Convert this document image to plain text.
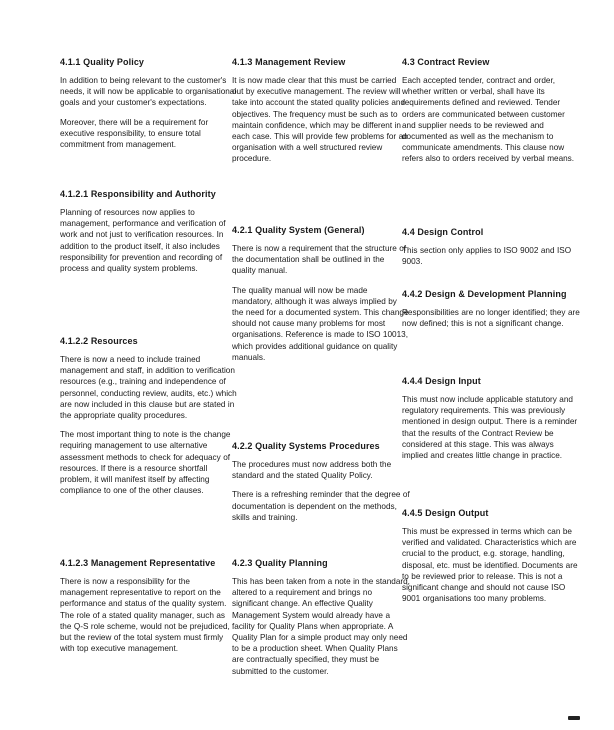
4.1.1 Quality Policy

In addition to being relevant to the customer's needs, it will now be applicable to organisational goals and your customer's expectations.

Moreover, there will be a requirement for executive responsibility, to ensure total commitment from management.

4.1.2.1 Responsibility and Authority

Planning of resources now applies to management, performance and verification of work and not just to verification resources. In addition to the product itself, it also includes responsibility for prevention and recording of process and quality system problems.

4.1.2.2 Resources

There is now a need to include trained management and staff, in addition to verification resources (e.g., training and independence of personnel, conducting review, audits, etc.) which are now included in this clause but are stated in the appropriate quality procedures.

The most important thing to note is the change requiring management to use alternative assessment methods to check for adequacy of resources. If there is a resource shortfall problem, it will manifest itself by affecting compliance to one of the other clauses.

4.1.2.3 Management Representative

There is now a responsibility for the management representative to report on the performance and status of the quality system. The role of a stated quality manager, such as the Q-S role scheme, would not be prejudiced, but the review of the total system must firmly with top executive management.

4.1.3 Management Review

It is now made clear that this must be carried out by executive management. The review will take into account the stated quality policies and objectives. The frequency must be such as to maintain confidence, which may be different in each case. This will provide few problems for an organisation with a well structured review procedure.

4.2.1 Quality System (General)

There is now a requirement that the structure of the documentation shall be outlined in the quality manual.

The quality manual will now be made mandatory, although it was always implied by the need for a documented system. This change should not cause many problems for most organisations. Reference is made to ISO 10013, which provides additional guidance on quality manuals.

4.2.2 Quality Systems Procedures

The procedures must now address both the standard and the stated Quality Policy.

There is a refreshing reminder that the degree of documentation is dependent on the methods, skills and training.

4.2.3 Quality Planning

This has been taken from a note in the standard, altered to a requirement and brings no significant change. An effective Quality Management System would already have a facility for Quality Plans when appropriate. A Quality Plan for a simple product may only need to be a production sheet. When Quality Plans are contractually specified, they must be submitted to the customer.

4.3 Contract Review

Each accepted tender, contract and order, whether written or verbal, shall have its requirements defined and reviewed. Tender orders are communicated between customer and supplier needs to be reviewed and documented as well as the mechanism to communicate amendments. This clause now refers also to orders received by verbal means.

4.4 Design Control

This section only applies to ISO 9002 and ISO 9003.

4.4.2 Design & Development Planning

Responsibilities are no longer identified; they are now defined; this is not a significant change.

4.4.4 Design Input

This must now include applicable statutory and regulatory requirements. This was previously mentioned in design output. There is a reminder that the results of the Contract Review be considered at this stage. This was always implied and creates little change in practice.

4.4.5 Design Output

This must be expressed in terms which can be verified and validated. Characteristics which are crucial to the product, e.g. storage, handling, disposal, etc. must be identified. Documents are to be reviewed prior to release. This is not a significant change and should not cause ISO 9001 organisations too many problems.
